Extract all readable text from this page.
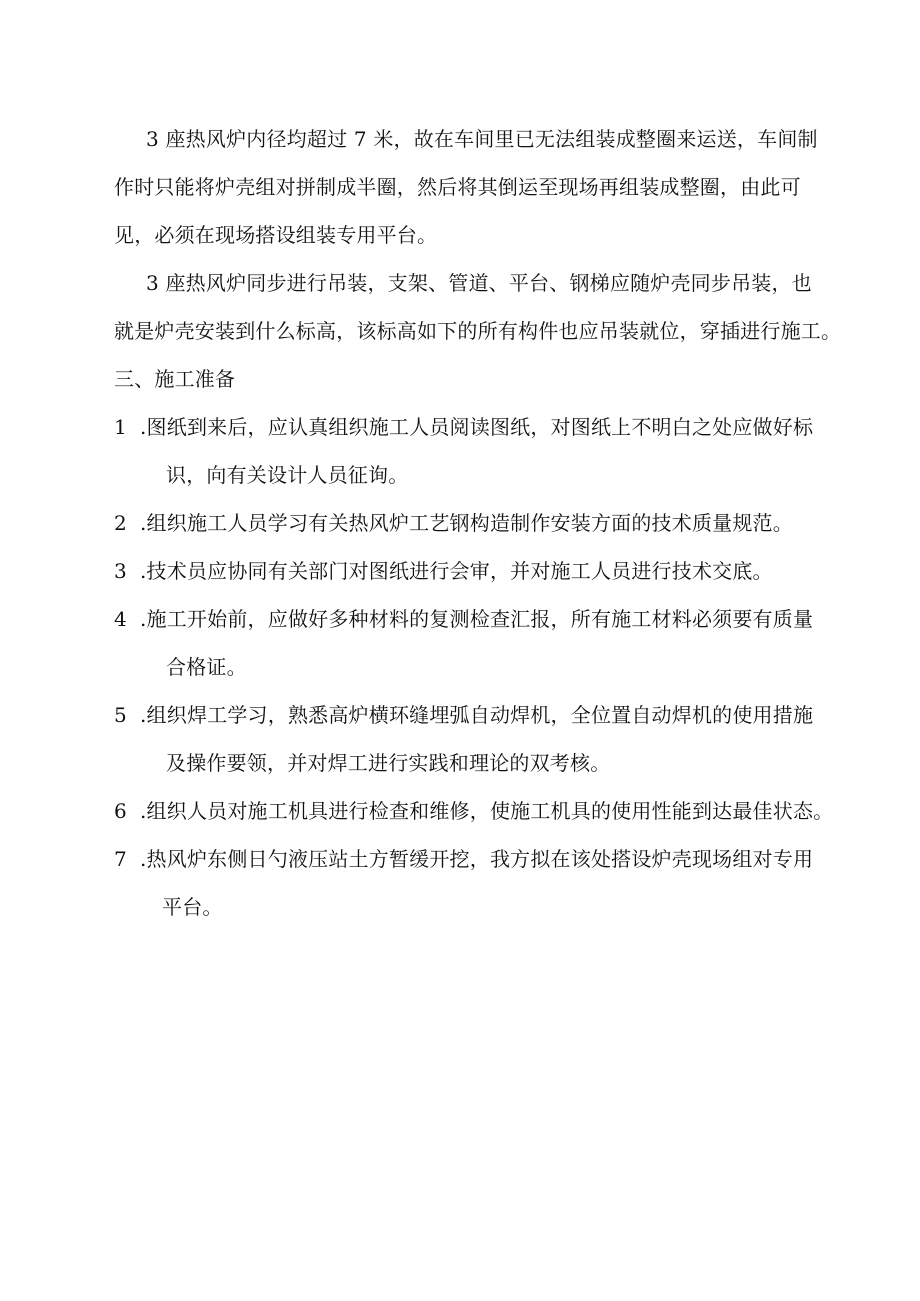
3 座热风炉内径均超过 7 米，故在车间里已无法组装成整圈来运送，车间制
作时只能将炉壳组对拼制成半圈，然后将其倒运至现场再组装成整圈，由此可
见，必须在现场搭设组装专用平台。
3 座热风炉同步进行吊装，支架、管道、平台、钢梯应随炉壳同步吊装，也
就是炉壳安装到什么标高，该标高如下的所有构件也应吊装就位，穿插进行施工。
三、施工准备
1 .图纸到来后，应认真组织施工人员阅读图纸，对图纸上不明白之处应做好标
识，向有关设计人员征询。
2 .组织施工人员学习有关热风炉工艺钢构造制作安装方面的技术质量规范。
3 .技术员应协同有关部门对图纸进行会审，并对施工人员进行技术交底。
4 .施工开始前，应做好多种材料的复测检查汇报，所有施工材料必须要有质量
合格证。
5 .组织焊工学习，熟悉高炉横环缝埋弧自动焊机，全位置自动焊机的使用措施
及操作要领，并对焊工进行实践和理论的双考核。
6 .组织人员对施工机具进行检查和维修，使施工机具的使用性能到达最佳状态。
7 .热风炉东侧日勺液压站土方暂缓开挖，我方拟在该处搭设炉壳现场组对专用
平台。
